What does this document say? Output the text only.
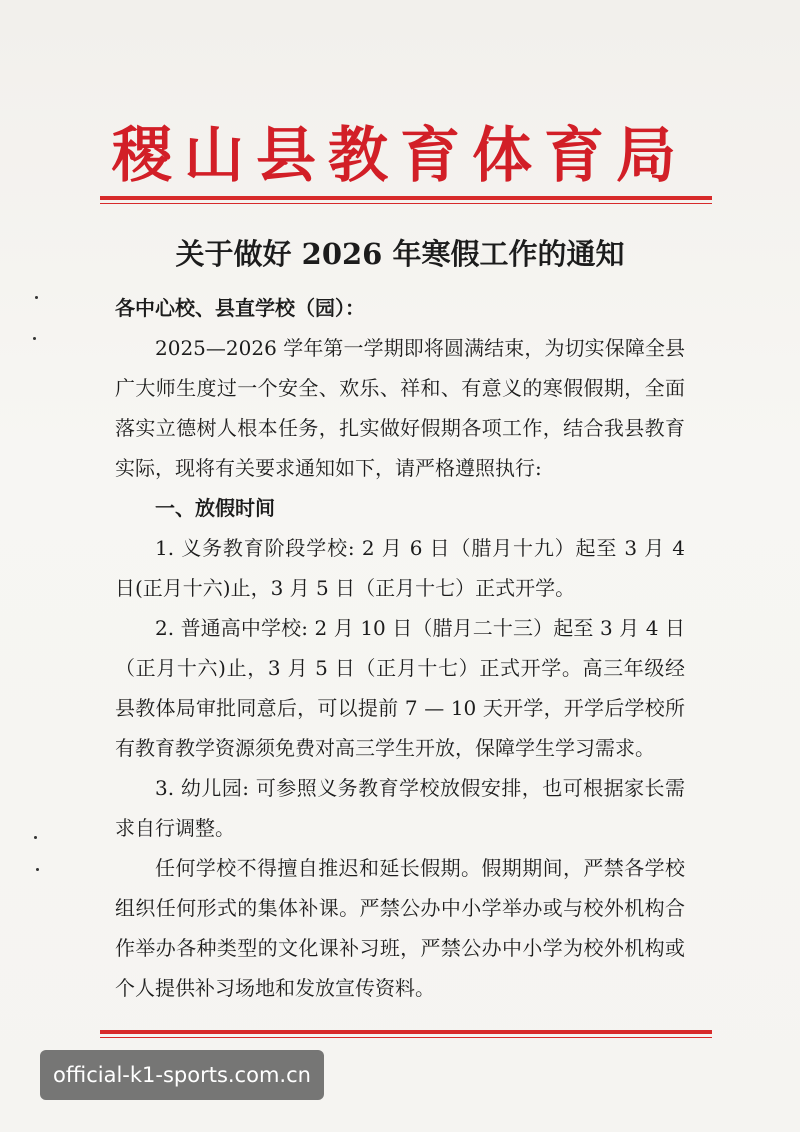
稷山县教育体育局
关于做好 2026 年寒假工作的通知

各中心校、县直学校（园）：

2025—2026 学年第一学期即将圆满结束，为切实保障全县广大师生度过一个安全、欢乐、祥和、有意义的寒假假期，全面落实立德树人根本任务，扎实做好假期各项工作，结合我县教育实际，现将有关要求通知如下，请严格遵照执行:

一、放假时间

1. 义务教育阶段学校: 2 月 6 日（腊月十九）起至 3 月 4 日(正月十六)止，3 月 5 日（正月十七）正式开学。

2. 普通高中学校: 2 月 10 日（腊月二十三）起至 3 月 4 日（正月十六)止，3 月 5 日（正月十七）正式开学。高三年级经县教体局审批同意后，可以提前 7 — 10 天开学，开学后学校所有教育教学资源须免费对高三学生开放，保障学生学习需求。

3. 幼儿园: 可参照义务教育学校放假安排，也可根据家长需求自行调整。

任何学校不得擅自推迟和延长假期。假期期间，严禁各学校组织任何形式的集体补课。严禁公办中小学举办或与校外机构合作举办各种类型的文化课补习班，严禁公办中小学为校外机构或个人提供补习场地和发放宣传资料。

official-k1-sports.com.cn
